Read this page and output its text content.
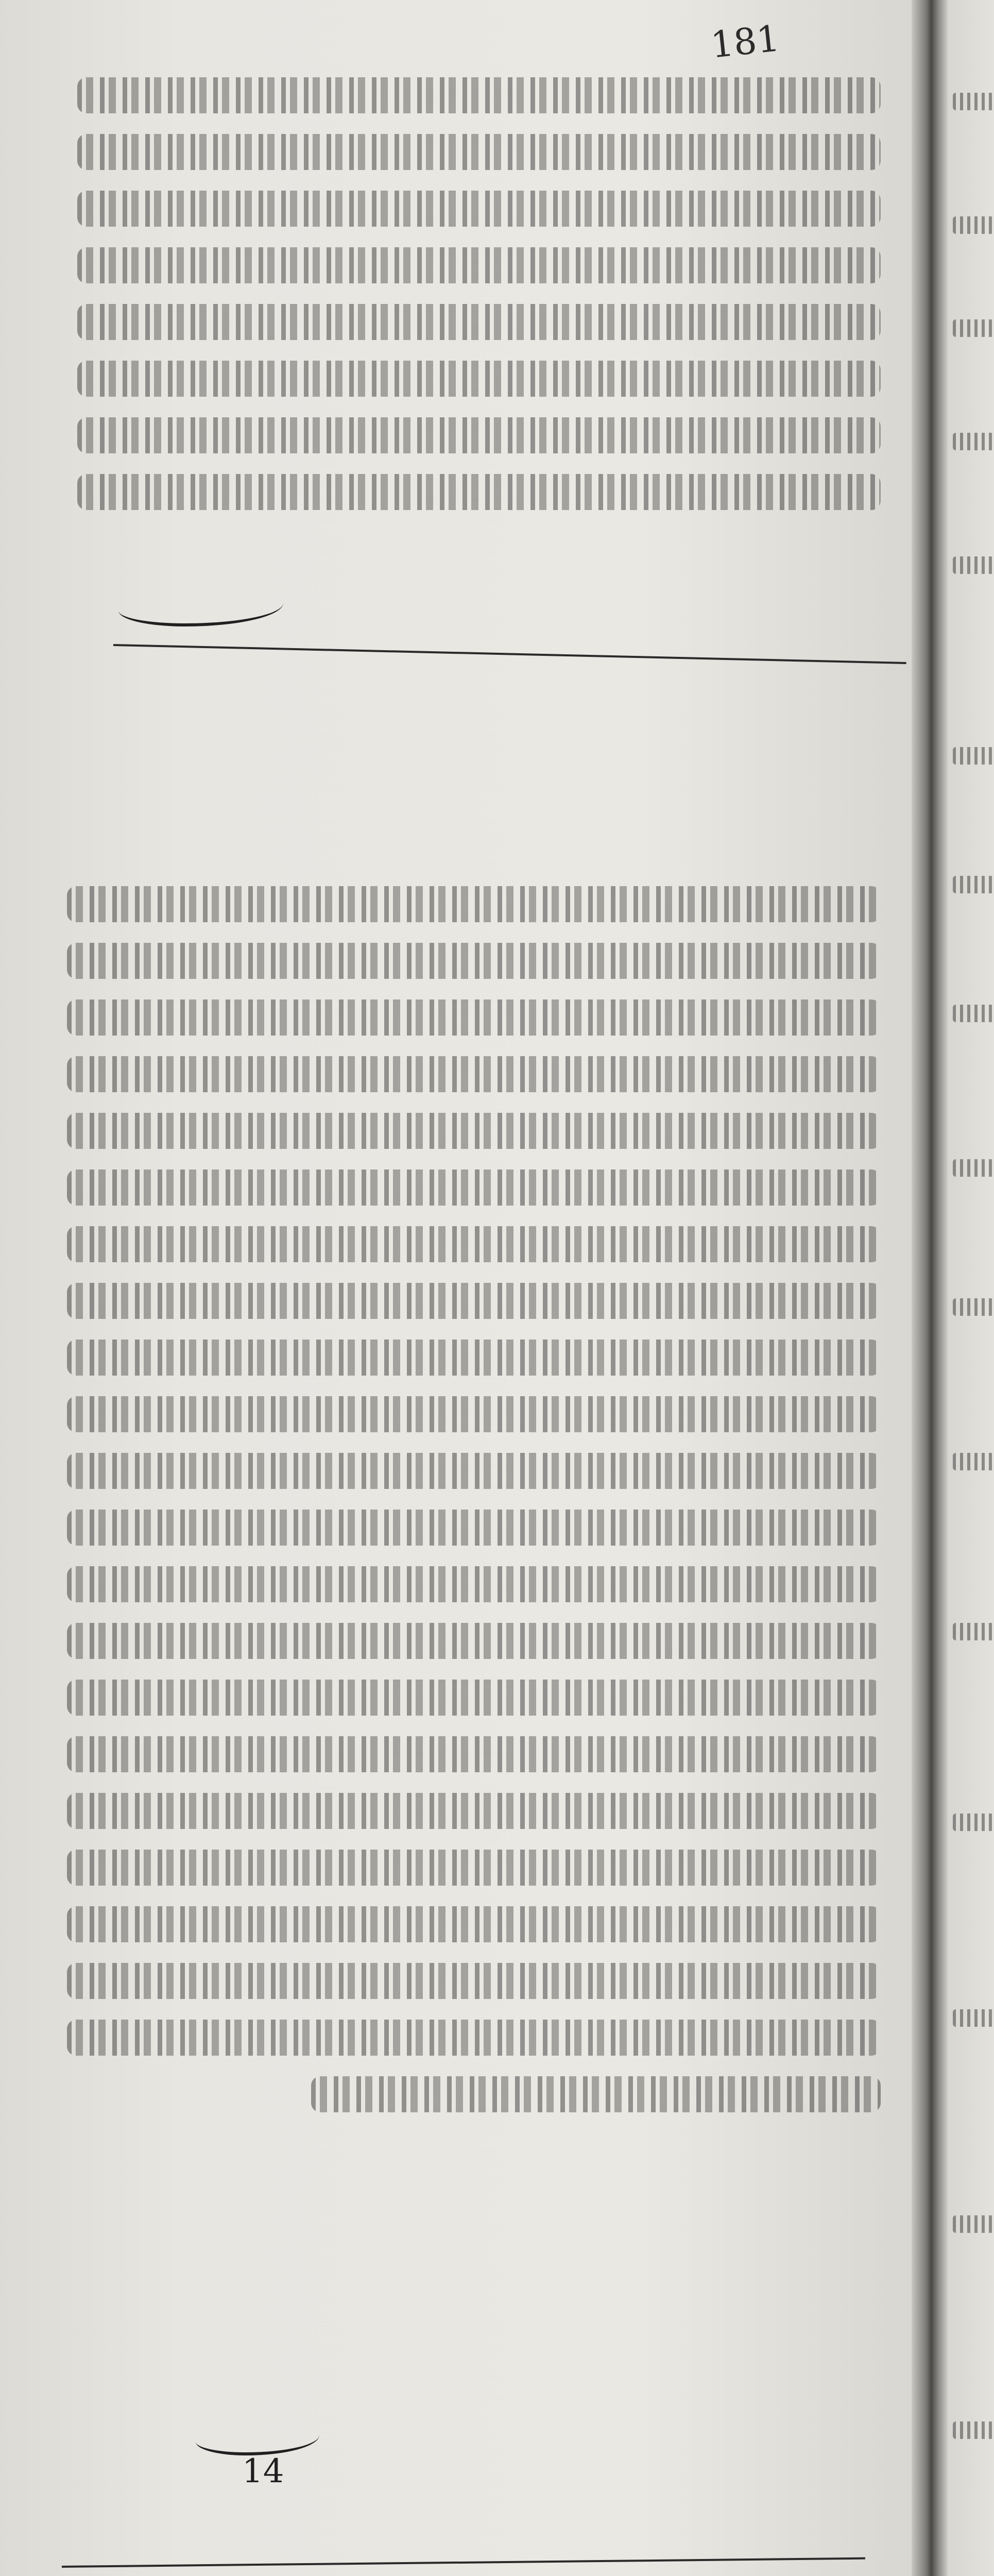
181
14
